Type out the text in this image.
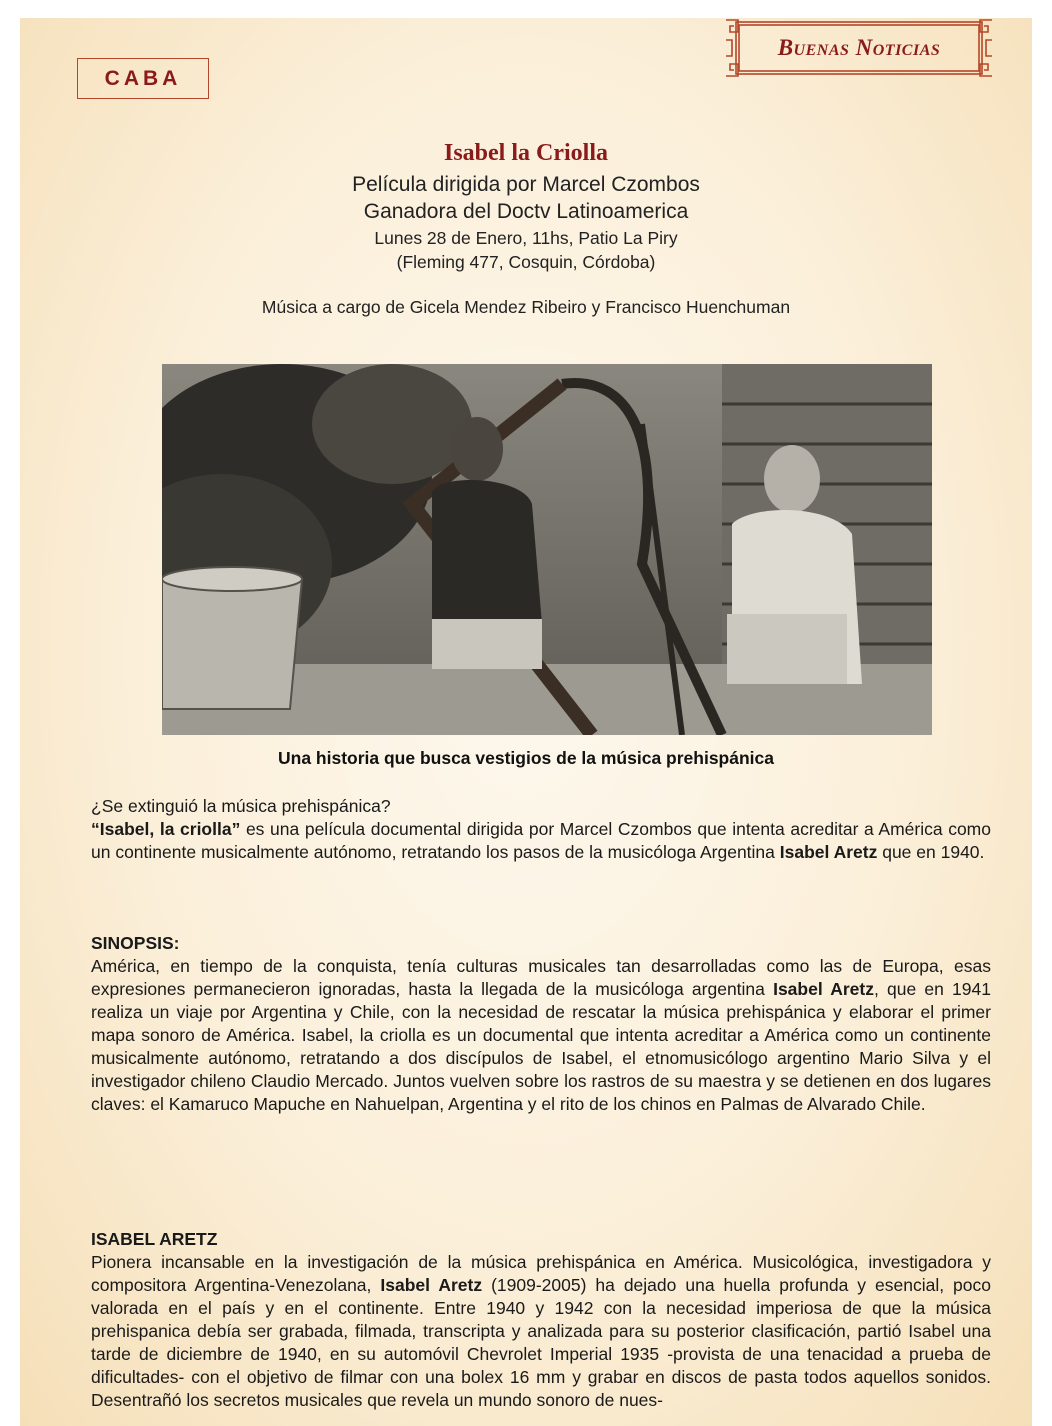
CABA
Buenas Noticias
Isabel la Criolla
Película dirigida por Marcel Czombos
Ganadora del Doctv Latinoamerica
Lunes 28 de Enero, 11hs, Patio La Piry
(Fleming 477, Cosquin, Córdoba)
Música a cargo de Gicela Mendez Ribeiro y Francisco Huenchuman
Una historia que busca vestigios de la música prehispánica

¿Se extinguió la música prehispánica?

“Isabel, la criolla” es una película documental dirigida por Marcel Czombos que intenta acreditar a América como un continente musicalmente autónomo, retratando los pasos de la musicóloga Argentina Isabel Aretz que en 1940.

SINOPSIS:

América, en tiempo de la conquista, tenía culturas musicales tan desarrolladas como las de Europa, esas expresiones permanecieron ignoradas, hasta la llegada de la musicóloga argentina Isabel Aretz, que en 1941 realiza un viaje por Argentina y Chile, con la necesidad de rescatar la música prehispánica y elaborar el primer mapa sonoro de América. Isabel, la criolla es un documental que intenta acreditar a América como un continente musicalmente autónomo, retratando a dos discípulos de Isabel, el etnomusicólogo argentino Mario Silva y el investigador chileno Claudio Mercado. Juntos vuelven sobre los rastros de su maestra y se detienen en dos lugares claves: el Kamaruco Mapuche en Nahuelpan, Argentina y el rito de los chinos en Palmas de Alvarado Chile.

ISABEL ARETZ

Pionera incansable en la investigación de la música prehispánica en América. Musicológica, investigadora y compositora Argentina-Venezolana, Isabel Aretz (1909-2005) ha dejado una huella profunda y esencial, poco valorada en el país y en el continente. Entre 1940 y 1942 con la necesidad imperiosa de que la música prehispanica debía ser grabada, filmada, transcripta y analizada para su posterior clasificación, partió Isabel una tarde de diciembre de 1940, en su automóvil Chevrolet Imperial 1935 -provista de una tenacidad a prueba de dificultades- con el objetivo de filmar con una bolex 16 mm y grabar en discos de pasta todos aquellos sonidos. Desentrañó los secretos musicales que revela un mundo sonoro de nues-
